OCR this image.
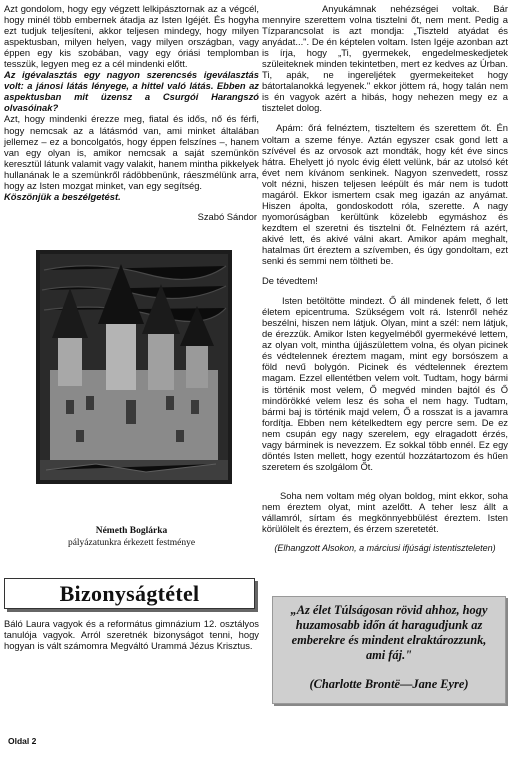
Azt gondolom, hogy egy végzett lelkipásztornak az a végcél, hogy minél több embernek átadja az Isten Igéjét. És hogyha ezt tudjuk teljesíteni, akkor teljesen mindegy, hogy milyen aspektusban, milyen helyen, vagy milyen országban, vagy éppen egy kis szobában, vagy egy óriási templomban tesszük, legyen meg ez a cél mindenki előtt.

Az igévalasztás egy nagyon szerencsés igeválasztás volt: a jánosi látás lényege, a hittel való látás. Ebben az aspektusban mit üzensz a Csurgói Harangszó olvasóinak?

Azt, hogy mindenki érezze meg, fiatal és idős, nő és férfi, hogy nemcsak az a látásmód van, ami minket általában jellemez – ez a boncolgatós, hogy éppen felszínes –, hanem van egy olyan is, amikor nemcsak a saját szemünkön keresztül látunk valamit vagy valakit, hanem mintha pikkelyek hullanának le a szemünkről rádöbbenünk, ráeszmélünk arra, hogy az Isten mozgat minket, van egy segítség.

Köszönjük a beszélgetést.

Szabó Sándor
Németh Boglárka
pályázatunkra érkezett festménye
Bizonyságtétel

Báló Laura vagyok és a református gimnázium 12. osztályos tanulója vagyok. Arról szeretnék bizonyságot tenni, hogy hogyan is vált számomra Megváltó Urammá Jézus Krisztus.

Anyukámnak nehézségei voltak. Bár mennyire szerettem volna tisztelni őt, nem ment. Pedig a Tízparancsolat is azt mondja: „Tiszteld atyádat és anyádat...". De én képtelen voltam. Isten Igéje azonban azt is írja, hogy „Ti, gyermekek, engedelmeskedjetek szüleiteknek minden tekintetben, mert ez kedves az Úrban. Ti, apák, ne ingereljétek gyermekeiteket hogy bátortalanokká legyenek." ekkor jöttem rá, hogy talán nem is én vagyok azért a hibás, hogy nehezen megy ez a tisztelet dolog.

Apám: őrá felnéztem, tiszteltem és szerettem őt. Én voltam a szeme fénye. Aztán egyszer csak gond lett a szívével és az orvosok azt mondták, hogy két éve sincs hátra. Ehelyett jó nyolc évig élett velünk, bár az utolsó két évet nem kívánom senkinek. Nagyon szenvedett, rossz volt nézni, hiszen teljesen leépült és már nem is tudott magáról. Ekkor ismertem csak meg igazán az anyámat. Hiszen ápolta, gondoskodott róla, szerette. A nagy nyomorúságban kerültünk közelebb egymáshoz és kezdtem el szeretni és tisztelni őt. Felnéztem rá azért, akivé lett, és akivé válni akart. Amikor apám meghalt, hatalmas űrt éreztem a szívemben, és úgy gondoltam, ezt senki és semmi nem töltheti be.

De tévedtem!

Isten betöltötte mindezt. Ő áll mindenek felett, ő lett életem epicentruma. Szükségem volt rá. Istenről nehéz beszélni, hiszen nem látjuk. Olyan, mint a szél: nem látjuk, de érezzük. Amikor Isten kegyelméből gyermekévé lettem, az olyan volt, mintha újjászülettem volna, és olyan picinek és védtelennek éreztem magam, mint egy borsószem a föld nevű bolygón. Picinek és védtelennek éreztem magam. Ezzel ellentétben velem volt. Tudtam, hogy bármi is történik most velem, Ő megvéd minden bajtól és Ő mindörökké velem lesz és soha el nem hagy. Tudtam, bármi baj is történik majd velem, Ő a rosszat is a javamra fordítja. Ebben nem kételkedtem egy percre sem. De ez nem csupán egy nagy szerelem, egy elragadott érzés, vagy bárminek is nevezzem. Ez sokkal több ennél. Ez egy döntés Isten mellett, hogy ezentúl hozzátartozom és hűen szeretem és szolgálom Őt.

Soha nem voltam még olyan boldog, mint ekkor, soha nem éreztem olyat, mint azelőtt. A teher lesz állt a vállamról, sírtam és megkönnyebbülést éreztem. Isten körülölelt és éreztem, és érzem szeretetét.

(Elhangzott Alsokon, a márciusi ifjúsági istentiszteleten)

„Az élet Túlságosan rövid ahhoz, hogy huzamosabb időn át haragudjunk az emberekre és mindent elraktározzunk, ami fáj."
(Charlotte Brontë—Jane Eyre)
Oldal 2
